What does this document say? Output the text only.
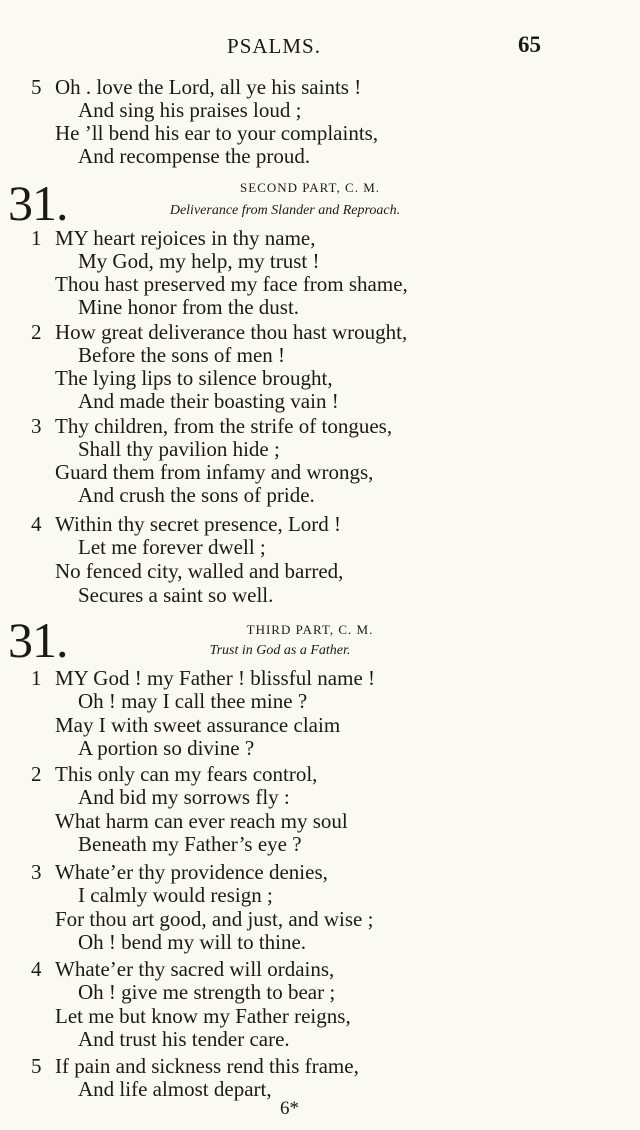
PSALMS.	65
5 Oh . love the Lord, all ye his saints !
And sing his praises loud ;
He ’ll bend his ear to your complaints,
And recompense the proud.
31.	SECOND PART, C. M.
Deliverance from Slander and Reproach.
1 MY heart rejoices in thy name,
My God, my help, my trust !
Thou hast preserved my face from shame,
Mine honor from the dust.
2 How great deliverance thou hast wrought,
Before the sons of men !
The lying lips to silence brought,
And made their boasting vain !
3 Thy children, from the strife of tongues,
Shall thy pavilion hide ;
Guard them from infamy and wrongs,
And crush the sons of pride.
4 Within thy secret presence, Lord !
Let me forever dwell ;
No fenced city, walled and barred,
Secures a saint so well.
31.	THIRD PART, C. M.
Trust in God as a Father.
1 MY God ! my Father ! blissful name !
Oh ! may I call thee mine ?
May I with sweet assurance claim
A portion so divine ?
2 This only can my fears control,
And bid my sorrows fly :
What harm can ever reach my soul
Beneath my Father’s eye ?
3 Whate’er thy providence denies,
I calmly would resign ;
For thou art good, and just, and wise ;
Oh ! bend my will to thine.
4 Whate’er thy sacred will ordains,
Oh ! give me strength to bear ;
Let me but know my Father reigns,
And trust his tender care.
5 If pain and sickness rend this frame,
And life almost depart,
6*
